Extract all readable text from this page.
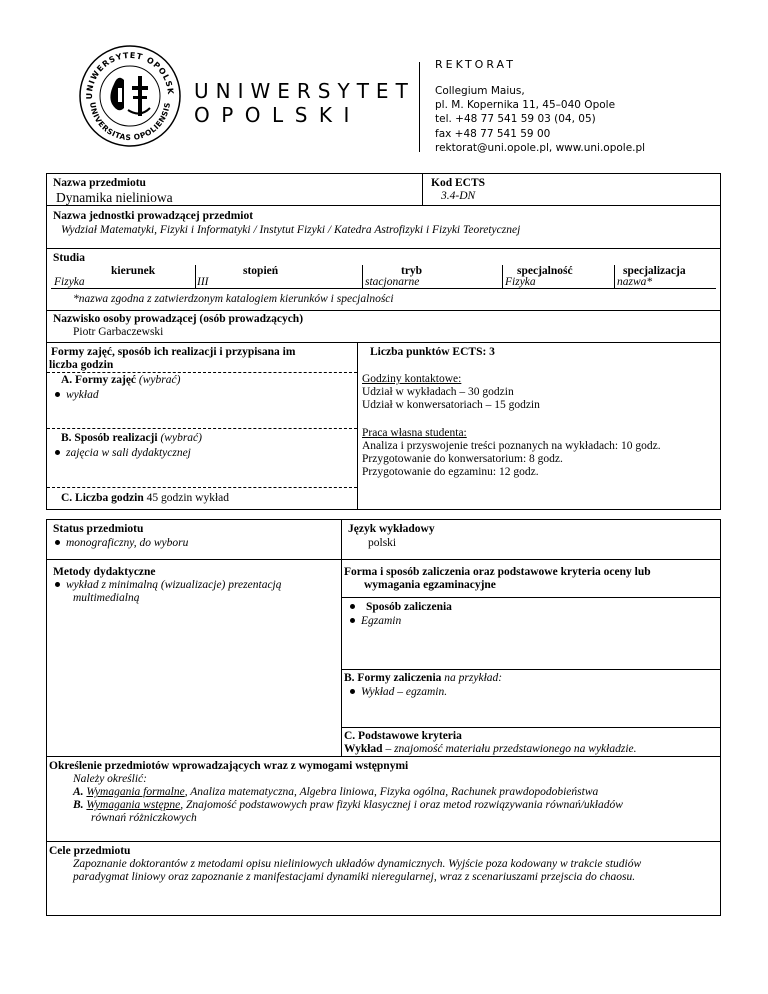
UNIWERSYTET OPOLSK
UNIVERSITAS OPOLIENSIS
UNIWERSYTET
OPOLSKI
REKTORAT
Collegium Maius,
pl. M. Kopernika 11, 45–040 Opole
tel. +48 77 541 59 03 (04, 05)
fax +48 77 541 59 00
rektorat@uni.opole.pl, www.uni.opole.pl
Nazwa przedmiotu
Dynamika nieliniowa
Kod ECTS
3.4-DN
Nazwa jednostki prowadzącej przedmiot
Wydział Matematyki, Fizyki i Informatyki / Instytut Fizyki / Katedra Astrofizyki i Fizyki Teoretycznej
Studia
kierunek	stopień	tryb	specjalność	specjalizacja
Fizyka	III	stacjonarne	Fizyka	nazwa*
*nazwa zgodna z zatwierdzonym katalogiem kierunków i specjalności
Nazwisko osoby prowadzącej (osób prowadzących)
Piotr Garbaczewski
Formy zajęć, sposób ich realizacji i przypisana im
liczba godzin
A. Formy zajęć (wybrać)
wykład
B. Sposób realizacji (wybrać)
zajęcia w sali dydaktycznej
C. Liczba godzin 45 godzin wykład
Liczba punktów ECTS: 3
Godziny kontaktowe:
Udział w wykładach – 30 godzin
Udział w konwersatoriach – 15 godzin
Praca własna studenta:
Analiza i przyswojenie treści poznanych na wykładach: 10 godz.
Przygotowanie do konwersatorium: 8 godz.
Przygotowanie do egzaminu: 12 godz.
Status przedmiotu
monograficzny, do wyboru
Język wykładowy
polski
Metody dydaktyczne
wykład z minimalną (wizualizacje) prezentacją
multimedialną
Forma i sposób zaliczenia oraz podstawowe kryteria oceny lub
wymagania egzaminacyjne
Sposób zaliczenia
Egzamin
B. Formy zaliczenia na przykład:
Wykład – egzamin.
C. Podstawowe kryteria
Wykład – znajomość materiału przedstawionego na wykładzie.
Określenie przedmiotów wprowadzających wraz z wymogami wstępnymi
Należy określić:
A. Wymagania formalne, Analiza matematyczna, Algebra liniowa, Fizyka ogólna, Rachunek prawdopodobieństwa
B. Wymagania wstępne, Znajomość podstawowych praw fizyki klasycznej i oraz metod rozwiązywania równań/układów
równań różniczkowych
Cele przedmiotu
Zapoznanie doktorantów z metodami opisu nieliniowych układów dynamicznych. Wyjście poza kodowany w trakcie studiów
paradygmat liniowy oraz zapoznanie z manifestacjami dynamiki nieregularnej, wraz z scenariuszami przejscia do chaosu.
